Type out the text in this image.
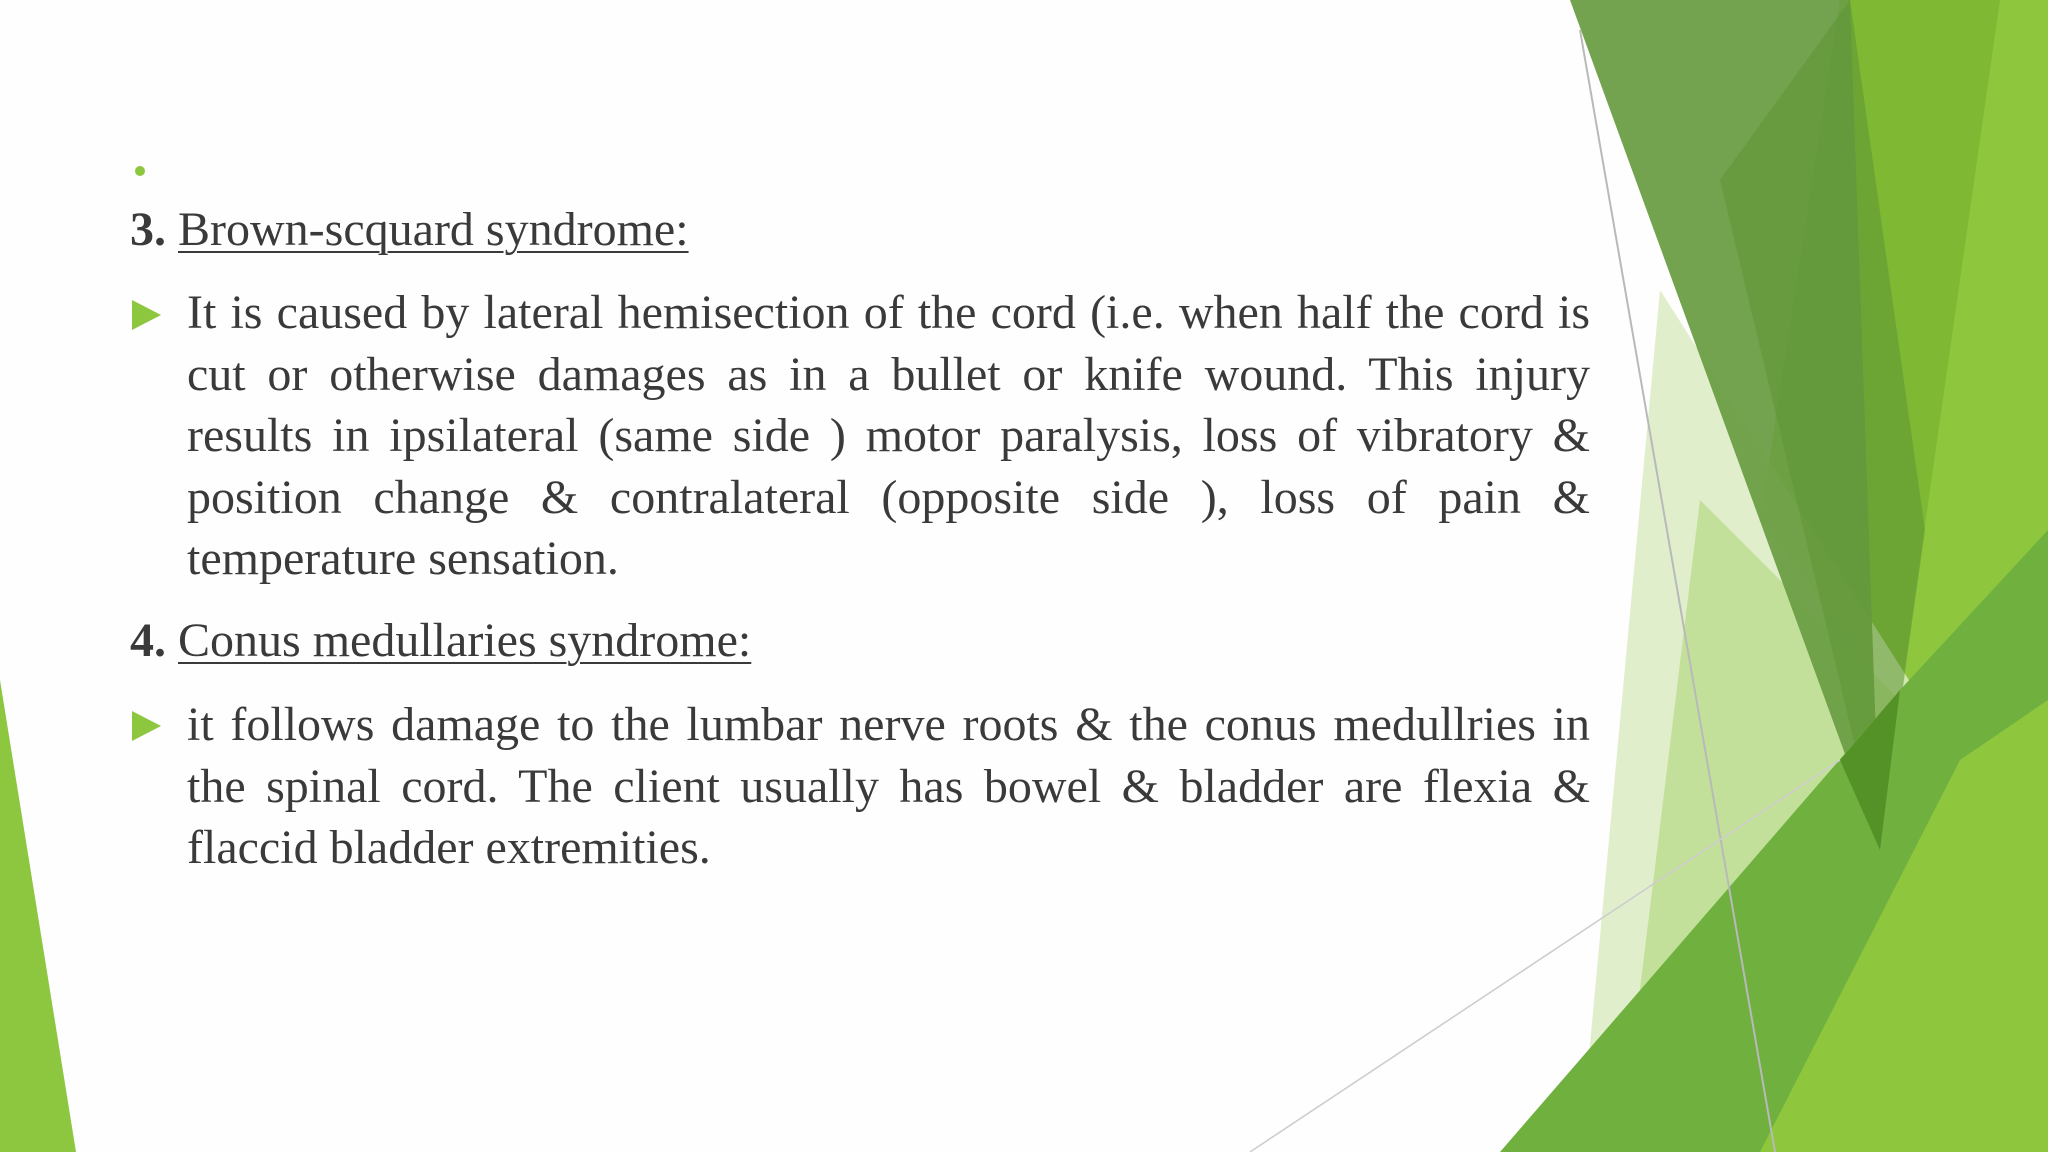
3. Brown-scquard syndrome:
It is caused by lateral hemisection of the cord (i.e. when half the cord is cut or otherwise damages as in a bullet or knife wound. This injury results in ipsilateral (same side ) motor paralysis, loss of vibratory & position change & contralateral (opposite side ), loss of pain & temperature sensation.
4. Conus medullaries syndrome:
it follows damage to the lumbar nerve roots & the conus medullries in the spinal cord. The client usually has bowel & bladder are flexia & flaccid bladder extremities.
